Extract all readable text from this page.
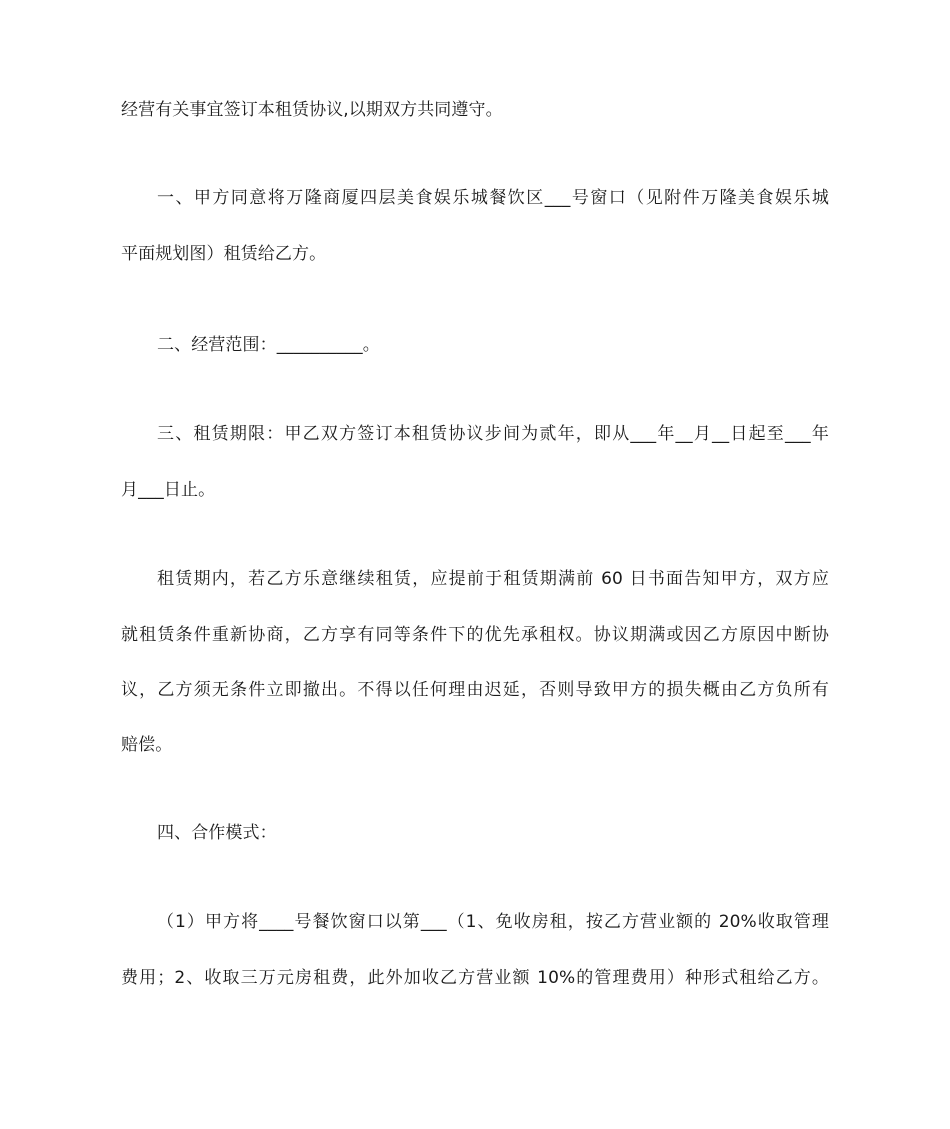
经营有关事宜签订本租赁协议,以期双方共同遵守。
一、甲方同意将万隆商厦四层美食娱乐城餐饮区___号窗口（见附件万隆美食娱乐城
平面规划图）租赁给乙方。
二、经营范围：__________。
三、租赁期限：甲乙双方签订本租赁协议步间为贰年，即从___年__月__日起至___年
月___日止。
租赁期内，若乙方乐意继续租赁，应提前于租赁期满前 60 日书面告知甲方，双方应
就租赁条件重新协商，乙方享有同等条件下的优先承租权。协议期满或因乙方原因中断协
议，乙方须无条件立即撤出。不得以任何理由迟延，否则导致甲方的损失概由乙方负所有
赔偿。
四、合作模式：
（1）甲方将____号餐饮窗口以第___（1、免收房租，按乙方营业额的 20%收取管理
费用；2、收取三万元房租费，此外加收乙方营业额 10%的管理费用）种形式租给乙方。
